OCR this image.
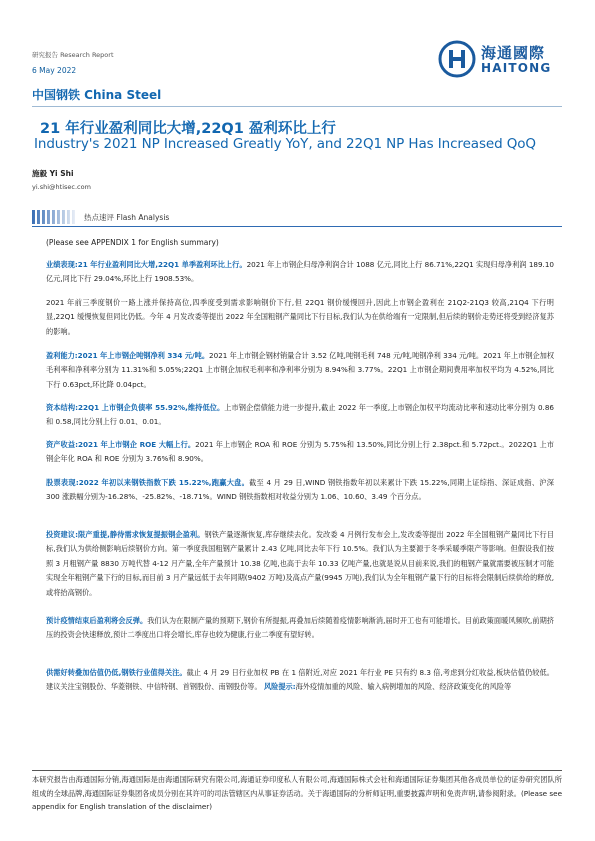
研究报告 Research Report
6 May 2022
中国钢铁 China Steel
海通國際
HAITONG
21 年行业盈利同比大增,22Q1 盈利环比上行
Industry's 2021 NP Increased Greatly YoY, and 22Q1 NP Has Increased QoQ
施毅 Yi Shi
yi.shi@htisec.com
热点速评 Flash Analysis
(Please see APPENDIX 1 for English summary)
业绩表现:21 年行业盈利同比大增,22Q1 单季盈利环比上行。2021 年上市钢企归母净利润合计 1088 亿元,同比上行 86.71%,22Q1 实现归母净利润 189.10 亿元,同比下行 29.04%,环比上行 1908.53%。
2021 年前三季度钢价一路上涨并保持高位,四季度受到需求影响钢价下行,但 22Q1 钢价缓慢回升,因此上市钢企盈利在 21Q2-21Q3 较高,21Q4 下行明显,22Q1 缓慢恢复但同比仍低。今年 4 月发改委等提出 2022 年全国粗钢产量同比下行目标,我们认为在供给端有一定限制,但后续的钢价走势还将受到经济复苏的影响。
盈利能力:2021 年上市钢企吨钢净利 334 元/吨。2021 年上市钢企钢材销量合计 3.52 亿吨,吨钢毛利 748 元/吨,吨钢净利 334 元/吨。2021 年上市钢企加权毛利率和净利率分别为 11.31%和 5.05%;22Q1 上市钢企加权毛利率和净利率分别为 8.94%和 3.77%。22Q1 上市钢企期间费用率加权平均为 4.52%,同比下行 0.63pct,环比降 0.04pct。
资本结构:22Q1 上市钢企负债率 55.92%,维持低位。上市钢企偿债能力进一步提升,截止 2022 年一季度,上市钢企加权平均流动比率和速动比率分别为 0.86 和 0.58,同比分别上行 0.01、0.01。
资产收益:2021 年上市钢企 ROE 大幅上行。2021 年上市钢企 ROA 和 ROE 分别为 5.75%和 13.50%,同比分别上行 2.38pct.和 5.72pct.。2022Q1 上市钢企年化 ROA 和 ROE 分别为 3.76%和 8.90%。
股票表现:2022 年初以来钢铁指数下跌 15.22%,跑赢大盘。截至 4 月 29 日,WIND 钢铁指数年初以来累计下跌 15.22%,同期上证综指、深证成指、沪深 300 涨跌幅分别为-16.28%、-25.82%、-18.71%。WIND 钢铁指数相对收益分别为 1.06、10.60、3.49 个百分点。
投资建议:限产重提,静待需求恢复提振钢企盈利。钢铁产量逐渐恢复,库存继续去化。发改委 4 月例行发布会上,发改委等提出 2022 年全国粗钢产量同比下行目标,我们认为供给侧影响后续钢价方向。第一季度我国粗钢产量累计 2.43 亿吨,同比去年下行 10.5%。我们认为主要源于冬季采暖季限产等影响。但假设我们按照 3 月粗钢产量 8830 万吨代替 4-12 月产量,全年产量预计 10.38 亿吨,也高于去年 10.33 亿吨产量,也就是说从目前来说,我们的粗钢产量就需要被压制才可能实现全年粗钢产量下行的目标,而目前 3 月产量远低于去年同期(9402 万吨)及高点产量(9945 万吨),我们认为全年粗钢产量下行的目标将会限制后续供给的释放,或将抬高钢价。
预计疫情结束后盈利将会反弹。我们认为在限制产量的预期下,钢价有所提振,再叠加后续随着疫情影响渐消,届时开工也有可能增长。目前政策面暖风频吹,前期挤压的投资会快速释放,预计二季度出口将会增长,库存也较为健康,行业二季度有望好转。
供需好转叠加估值仍低,钢铁行业值得关注。截止 4 月 29 日行业加权 PB 在 1 倍附近,对应 2021 年行业 PE 只有约 8.3 倍,考虑到分红收益,板块估值仍较低。建议关注宝钢股份、华菱钢铁、中信特钢、首钢股份、南钢股份等。 风险提示:海外疫情加重的风险、输入病例增加的风险、经济政策变化的风险等
本研究报告由海通国际分销,海通国际是由海通国际研究有限公司,海通证券印度私人有限公司,海通国际株式会社和海通国际证券集团其他各成员单位的证券研究团队所组成的全球品牌,海通国际证券集团各成员分别在其许可的司法管辖区内从事证券活动。关于海通国际的分析师证明,重要披露声明和免责声明,请参阅附录。(Please see appendix for English translation of the disclaimer)
